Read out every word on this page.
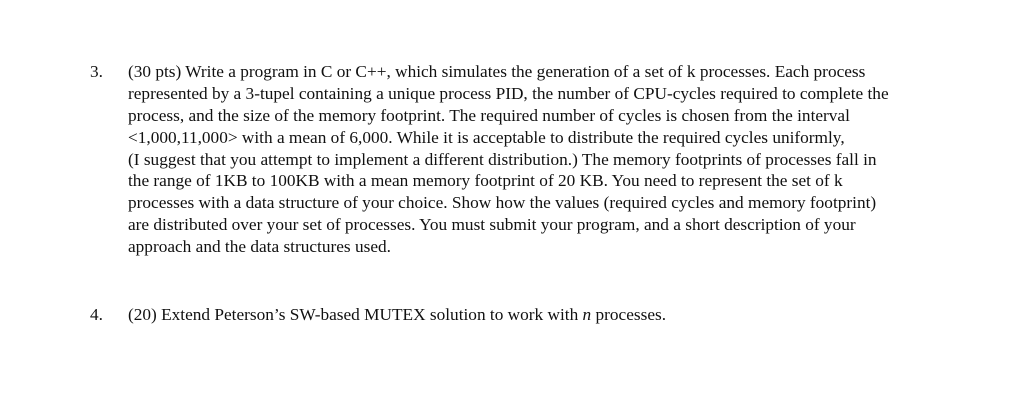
3. (30 pts) Write a program in C or C++, which simulates the generation of a set of k processes. Each process
represented by a 3-tupel containing a unique process PID, the number of CPU-cycles required to complete the
process, and the size of the memory footprint. The required number of cycles is chosen from the interval
<1,000,11,000> with a mean of 6,000. While it is acceptable to distribute the required cycles uniformly,
(I suggest that you attempt to implement a different distribution.) The memory footprints of processes fall in
the range of 1KB to 100KB with a mean memory footprint of 20 KB. You need to represent the set of k
processes with a data structure of your choice. Show how the values (required cycles and memory footprint)
are distributed over your set of processes. You must submit your program, and a short description of your
approach and the data structures used.
4. (20) Extend Peterson’s SW-based MUTEX solution to work with n processes.
